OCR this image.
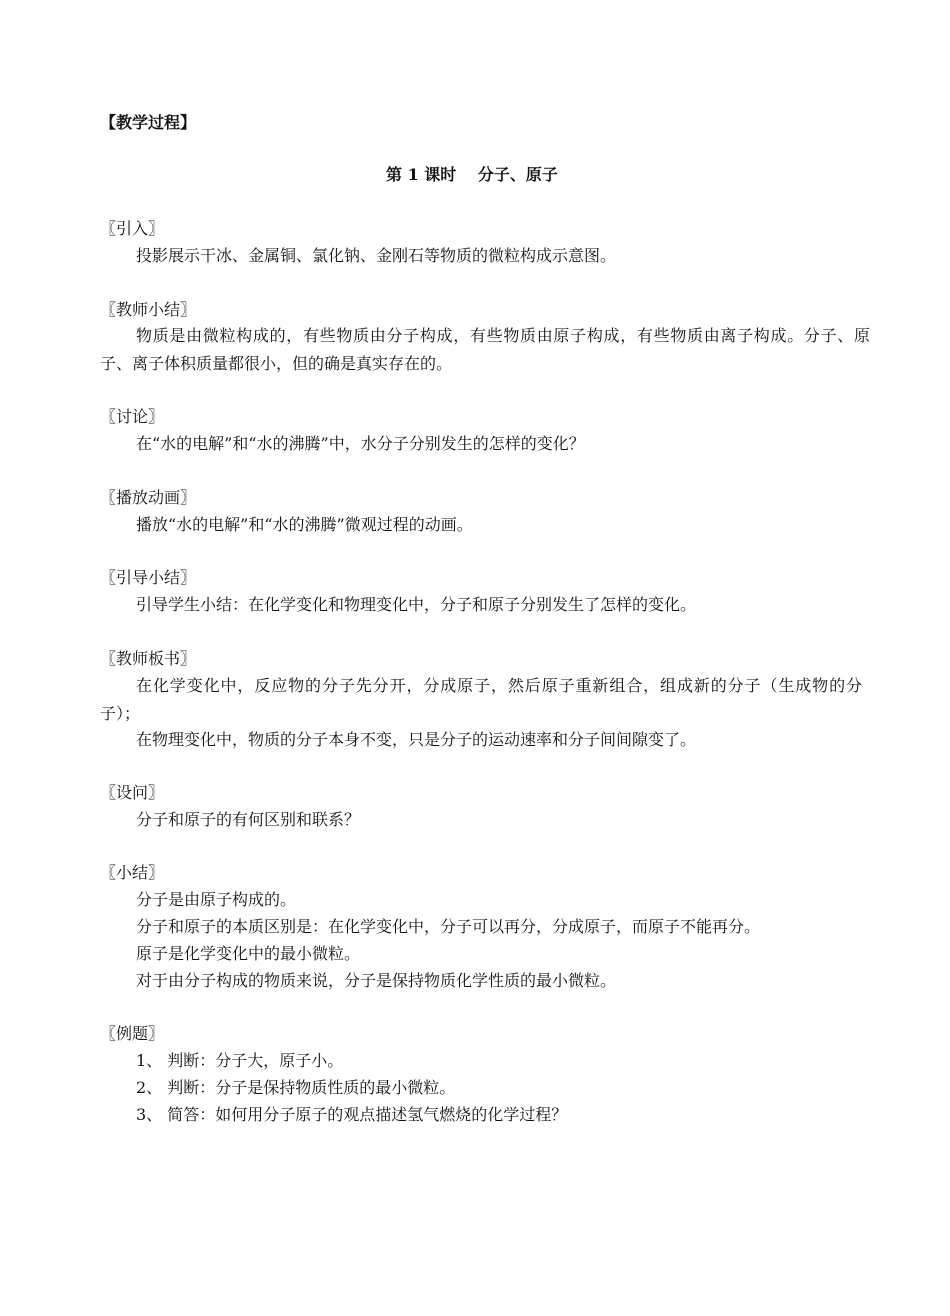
【教学过程】
第 1 课时　 分子、原子
〖引入〗
投影展示干冰、金属铜、氯化钠、金刚石等物质的微粒构成示意图。
〖教师小结〗
物质是由微粒构成的，有些物质由分子构成，有些物质由原子构成，有些物质由离子构成。分子、原子、离子体积质量都很小，但的确是真实存在的。
〖讨论〗
在“水的电解”和“水的沸腾”中，水分子分别发生的怎样的变化？
〖播放动画〗
播放“水的电解”和“水的沸腾”微观过程的动画。
〖引导小结〗
引导学生小结：在化学变化和物理变化中，分子和原子分别发生了怎样的变化。
〖教师板书〗
在化学变化中，反应物的分子先分开，分成原子，然后原子重新组合，组成新的分子（生成物的分子）；
在物理变化中，物质的分子本身不变，只是分子的运动速率和分子间间隙变了。
〖设问〗
分子和原子的有何区别和联系？
〖小结〗
分子是由原子构成的。
分子和原子的本质区别是：在化学变化中，分子可以再分，分成原子，而原子不能再分。
原子是化学变化中的最小微粒。
对于由分子构成的物质来说，分子是保持物质化学性质的最小微粒。
〖例题〗
1、 判断：分子大，原子小。
2、 判断：分子是保持物质性质的最小微粒。
3、 简答：如何用分子原子的观点描述氢气燃烧的化学过程？
